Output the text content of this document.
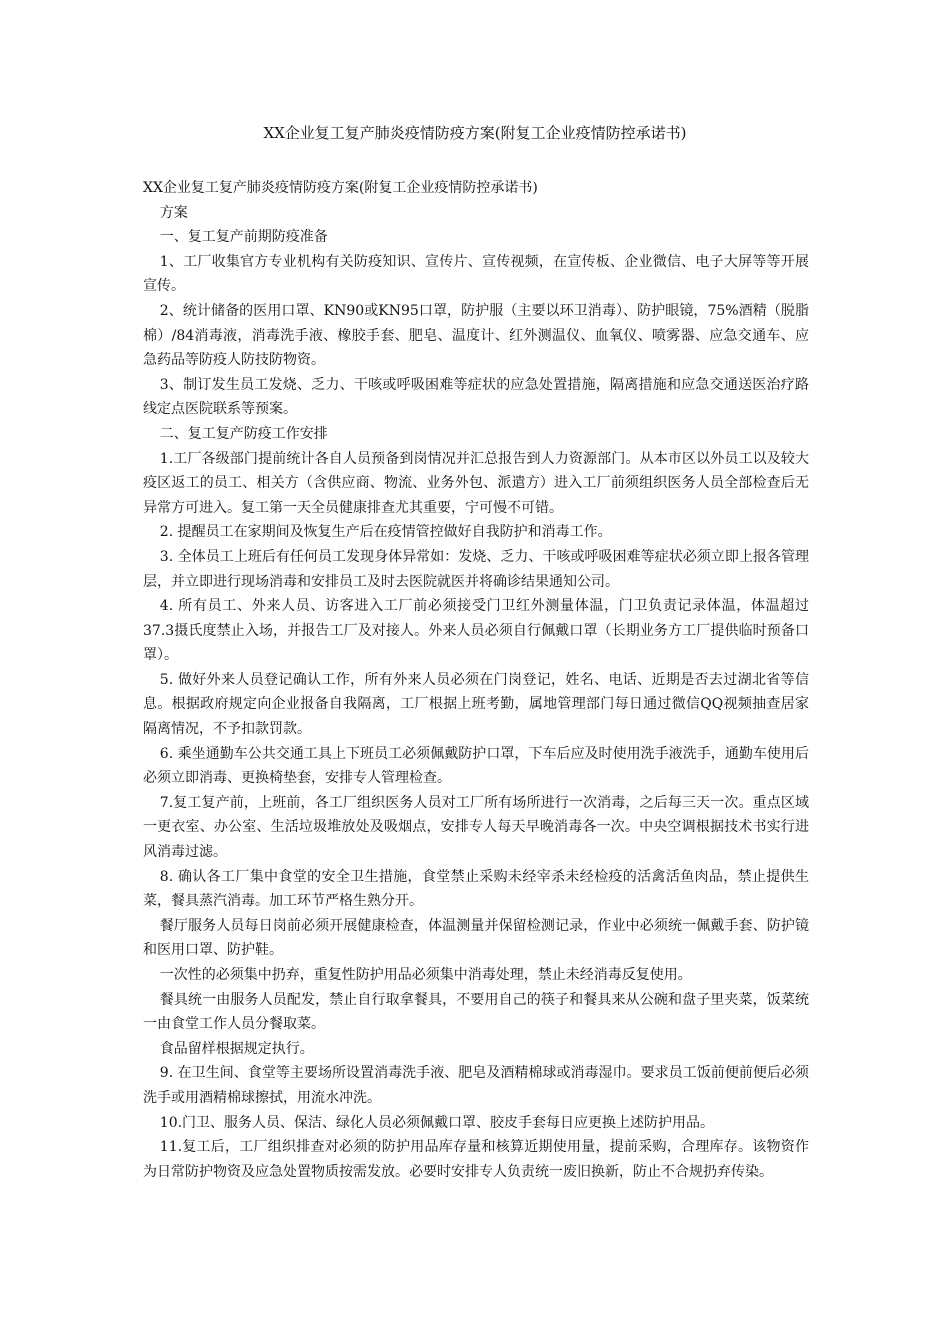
XX企业复工复产肺炎疫情防疫方案(附复工企业疫情防控承诺书)

XX企业复工复产肺炎疫情防疫方案(附复工企业疫情防控承诺书)

方案

一、复工复产前期防疫准备

1、工厂收集官方专业机构有关防疫知识、宣传片、宣传视频，在宣传板、企业微信、电子大屏等等开展宣传。

2、统计储备的医用口罩、KN90或KN95口罩，防护服（主要以环卫消毒）、防护眼镜，75%酒精（脱脂棉）/84消毒液，消毒洗手液、橡胶手套、肥皂、温度计、红外测温仪、血氧仪、喷雾器、应急交通车、应急药品等防疫人防技防物资。

3、制订发生员工发烧、乏力、干咳或呼吸困难等症状的应急处置措施，隔离措施和应急交通送医治疗路线定点医院联系等预案。

二、复工复产防疫工作安排

1.工厂各级部门提前统计各自人员预备到岗情况并汇总报告到人力资源部门。从本市区以外员工以及较大疫区返工的员工、相关方（含供应商、物流、业务外包、派遣方）进入工厂前须组织医务人员全部检查后无异常方可进入。复工第一天全员健康排查尤其重要，宁可慢不可错。

2. 提醒员工在家期间及恢复生产后在疫情管控做好自我防护和消毒工作。

3. 全体员工上班后有任何员工发现身体异常如：发烧、乏力、干咳或呼吸困难等症状必须立即上报各管理层，并立即进行现场消毒和安排员工及时去医院就医并将确诊结果通知公司。

4. 所有员工、外来人员、访客进入工厂前必须接受门卫红外测量体温，门卫负责记录体温，体温超过37.3摄氏度禁止入场，并报告工厂及对接人。外来人员必须自行佩戴口罩（长期业务方工厂提供临时预备口罩）。

5. 做好外来人员登记确认工作，所有外来人员必须在门岗登记，姓名、电话、近期是否去过湖北省等信息。根据政府规定向企业报备自我隔离，工厂根据上班考勤，属地管理部门每日通过微信QQ视频抽查居家隔离情况，不予扣款罚款。

6. 乘坐通勤车公共交通工具上下班员工必须佩戴防护口罩，下车后应及时使用洗手液洗手，通勤车使用后必须立即消毒、更换椅垫套，安排专人管理检查。

7.复工复产前，上班前，各工厂组织医务人员对工厂所有场所进行一次消毒，之后每三天一次。重点区域一更衣室、办公室、生活垃圾堆放处及吸烟点，安排专人每天早晚消毒各一次。中央空调根据技术书实行进风消毒过滤。

8. 确认各工厂集中食堂的安全卫生措施，食堂禁止采购未经宰杀未经检疫的活禽活鱼肉品，禁止提供生菜，餐具蒸汽消毒。加工环节严格生熟分开。

餐厅服务人员每日岗前必须开展健康检查，体温测量并保留检测记录，作业中必须统一佩戴手套、防护镜和医用口罩、防护鞋。

一次性的必须集中扔弃，重复性防护用品必须集中消毒处理，禁止未经消毒反复使用。

餐具统一由服务人员配发，禁止自行取拿餐具，不要用自己的筷子和餐具来从公碗和盘子里夹菜，饭菜统一由食堂工作人员分餐取菜。

食品留样根据规定执行。

9. 在卫生间、食堂等主要场所设置消毒洗手液、肥皂及酒精棉球或消毒湿巾。要求员工饭前便前便后必须洗手或用酒精棉球擦拭，用流水冲洗。

10.门卫、服务人员、保洁、绿化人员必须佩戴口罩、胶皮手套每日应更换上述防护用品。

11.复工后，工厂组织排查对必须的防护用品库存量和核算近期使用量，提前采购，合理库存。该物资作为日常防护物资及应急处置物质按需发放。必要时安排专人负责统一废旧换新，防止不合规扔弃传染。
